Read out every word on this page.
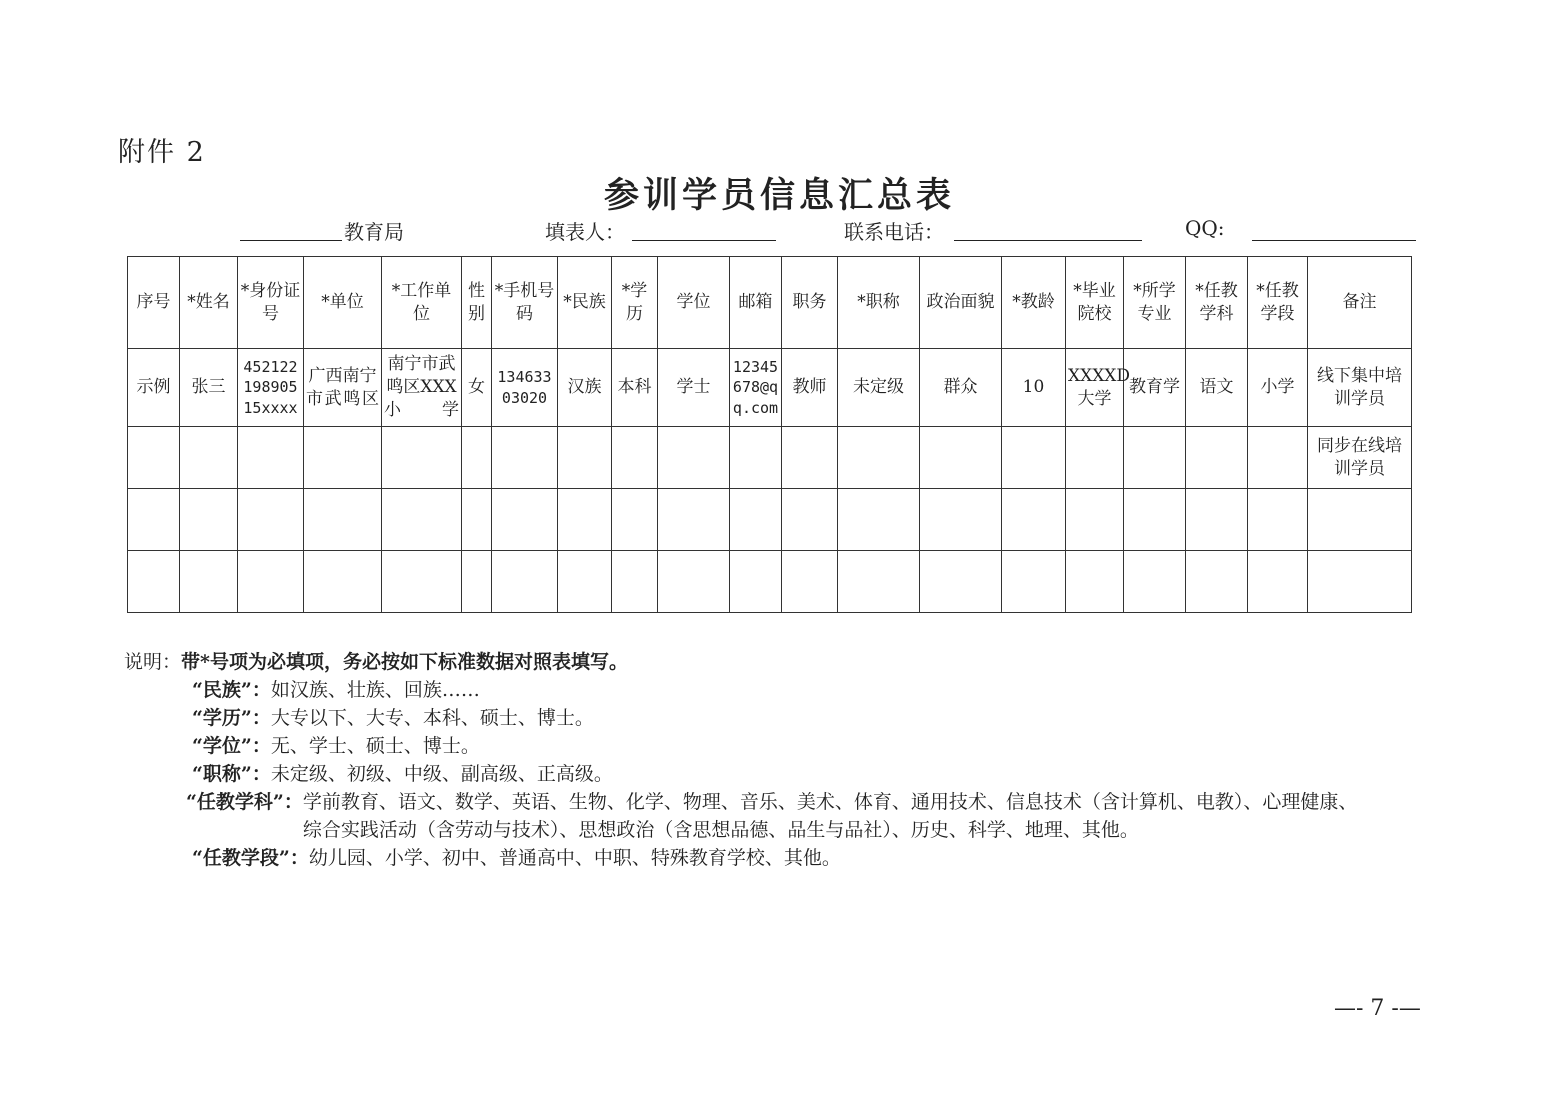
附件 2
参训学员信息汇总表
教育局	填表人：	联系电话：	QQ:
序号	*姓名	*身份证号	*单位	*工作单位	性别	*手机号码	*民族	*学历	学位	邮箱	职务	*职称	政治面貌	*教龄	*毕业院校	*所学专业	*任教学科	*任教学段	备注
示例	张三	45212219890515xxxx	广西南宁市武鸣区	南宁市武鸣区XXX小学	女	13463303020	汉族	本科	学士	12345678@qq.com	教师	未定级	群众	10	XXXXD大学	教育学	语文	小学	线下集中培训学员
																			同步在线培训学员

说明：带*号项为必填项，务必按如下标准数据对照表填写。
“民族”：如汉族、壮族、回族……
“学历”：大专以下、大专、本科、硕士、博士。
“学位”：无、学士、硕士、博士。
“职称”：未定级、初级、中级、副高级、正高级。
“任教学科”： 学前教育、语文、数学、英语、生物、化学、物理、音乐、美术、体育、通用技术、信息技术（含计算机、电教）、心理健康、综合实践活动（含劳动与技术）、思想政治（含思想品德、品生与品社）、历史、科学、地理、其他。
“任教学段”：幼儿园、小学、初中、普通高中、中职、特殊教育学校、其他。
—- 7 -—
